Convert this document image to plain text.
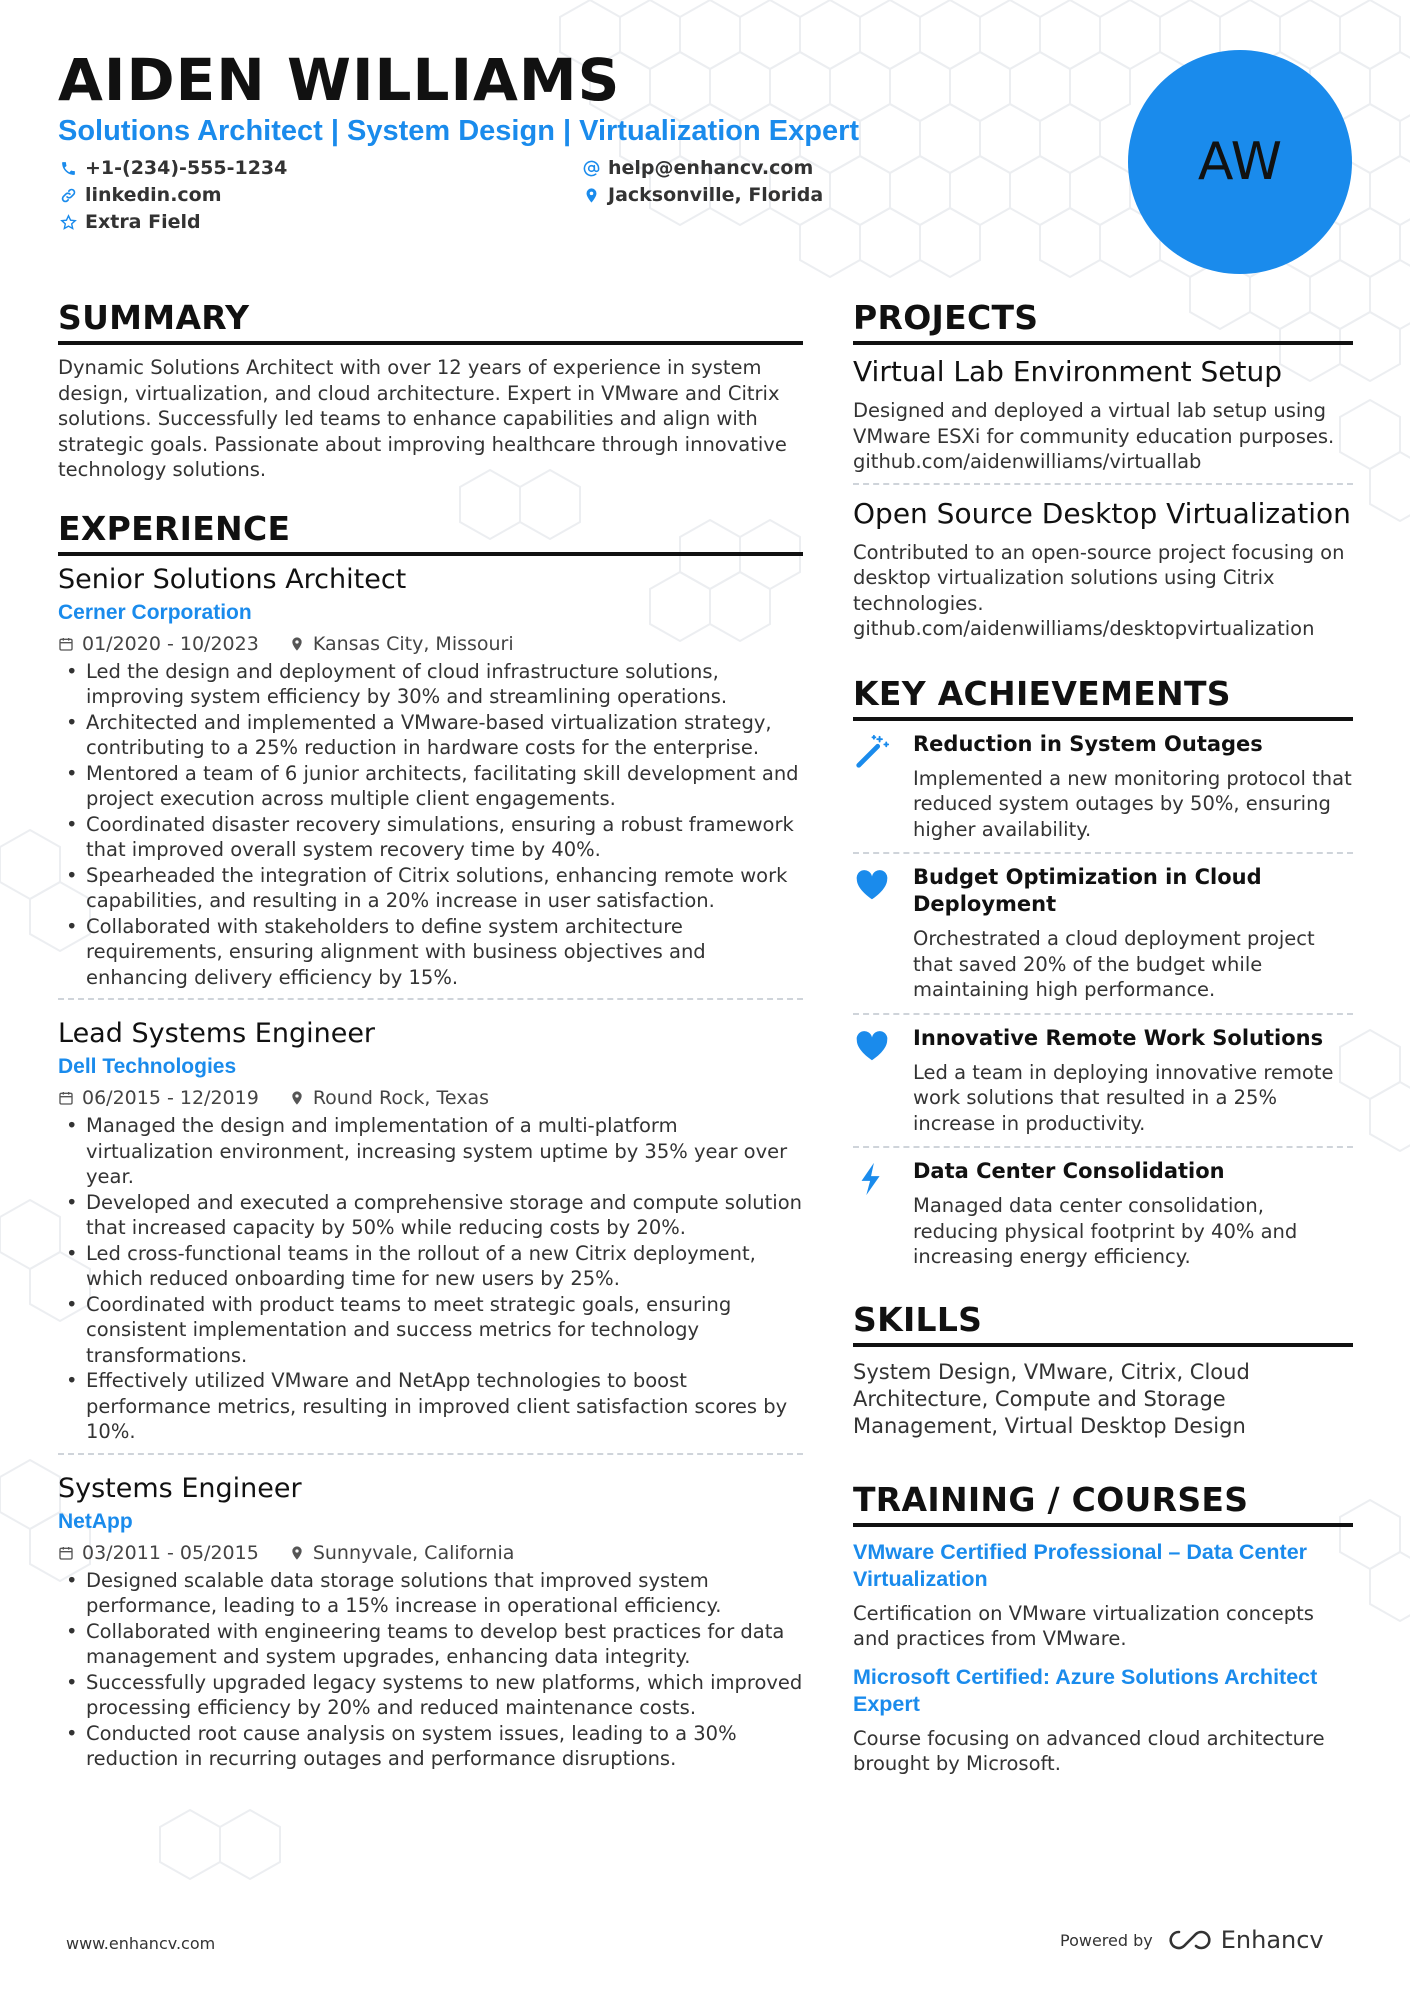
AIDEN WILLIAMS
Solutions Architect | System Design | Virtualization Expert
+1-(234)-555-1234
linkedin.com
Extra Field
help@enhancv.com
Jacksonville, Florida
AW
SUMMARY
Dynamic Solutions Architect with over 12 years of experience in system design, virtualization, and cloud architecture. Expert in VMware and Citrix solutions. Successfully led teams to enhance capabilities and align with strategic goals. Passionate about improving healthcare through innovative technology solutions.
EXPERIENCE
Senior Solutions Architect
Cerner Corporation
01/2020 - 10/2023	Kansas City, Missouri
• Led the design and deployment of cloud infrastructure solutions, improving system efficiency by 30% and streamlining operations.
• Architected and implemented a VMware-based virtualization strategy, contributing to a 25% reduction in hardware costs for the enterprise.
• Mentored a team of 6 junior architects, facilitating skill development and project execution across multiple client engagements.
• Coordinated disaster recovery simulations, ensuring a robust framework that improved overall system recovery time by 40%.
• Spearheaded the integration of Citrix solutions, enhancing remote work capabilities, and resulting in a 20% increase in user satisfaction.
• Collaborated with stakeholders to define system architecture requirements, ensuring alignment with business objectives and enhancing delivery efficiency by 15%.
Lead Systems Engineer
Dell Technologies
06/2015 - 12/2019	Round Rock, Texas
• Managed the design and implementation of a multi-platform virtualization environment, increasing system uptime by 35% year over year.
• Developed and executed a comprehensive storage and compute solution that increased capacity by 50% while reducing costs by 20%.
• Led cross-functional teams in the rollout of a new Citrix deployment, which reduced onboarding time for new users by 25%.
• Coordinated with product teams to meet strategic goals, ensuring consistent implementation and success metrics for technology transformations.
• Effectively utilized VMware and NetApp technologies to boost performance metrics, resulting in improved client satisfaction scores by 10%.
Systems Engineer
NetApp
03/2011 - 05/2015	Sunnyvale, California
• Designed scalable data storage solutions that improved system performance, leading to a 15% increase in operational efficiency.
• Collaborated with engineering teams to develop best practices for data management and system upgrades, enhancing data integrity.
• Successfully upgraded legacy systems to new platforms, which improved processing efficiency by 20% and reduced maintenance costs.
• Conducted root cause analysis on system issues, leading to a 30% reduction in recurring outages and performance disruptions.
PROJECTS
Virtual Lab Environment Setup
Designed and deployed a virtual lab setup using VMware ESXi for community education purposes.
github.com/aidenwilliams/virtuallab
Open Source Desktop Virtualization
Contributed to an open-source project focusing on desktop virtualization solutions using Citrix technologies.
github.com/aidenwilliams/desktopvirtualization
KEY ACHIEVEMENTS
Reduction in System Outages
Implemented a new monitoring protocol that reduced system outages by 50%, ensuring higher availability.
Budget Optimization in Cloud Deployment
Orchestrated a cloud deployment project that saved 20% of the budget while maintaining high performance.
Innovative Remote Work Solutions
Led a team in deploying innovative remote work solutions that resulted in a 25% increase in productivity.
Data Center Consolidation
Managed data center consolidation, reducing physical footprint by 40% and increasing energy efficiency.
SKILLS
System Design, VMware, Citrix, Cloud Architecture, Compute and Storage Management, Virtual Desktop Design
TRAINING / COURSES
VMware Certified Professional – Data Center Virtualization
Certification on VMware virtualization concepts and practices from VMware.
Microsoft Certified: Azure Solutions Architect Expert
Course focusing on advanced cloud architecture brought by Microsoft.
www.enhancv.com	Powered by	Enhancv
